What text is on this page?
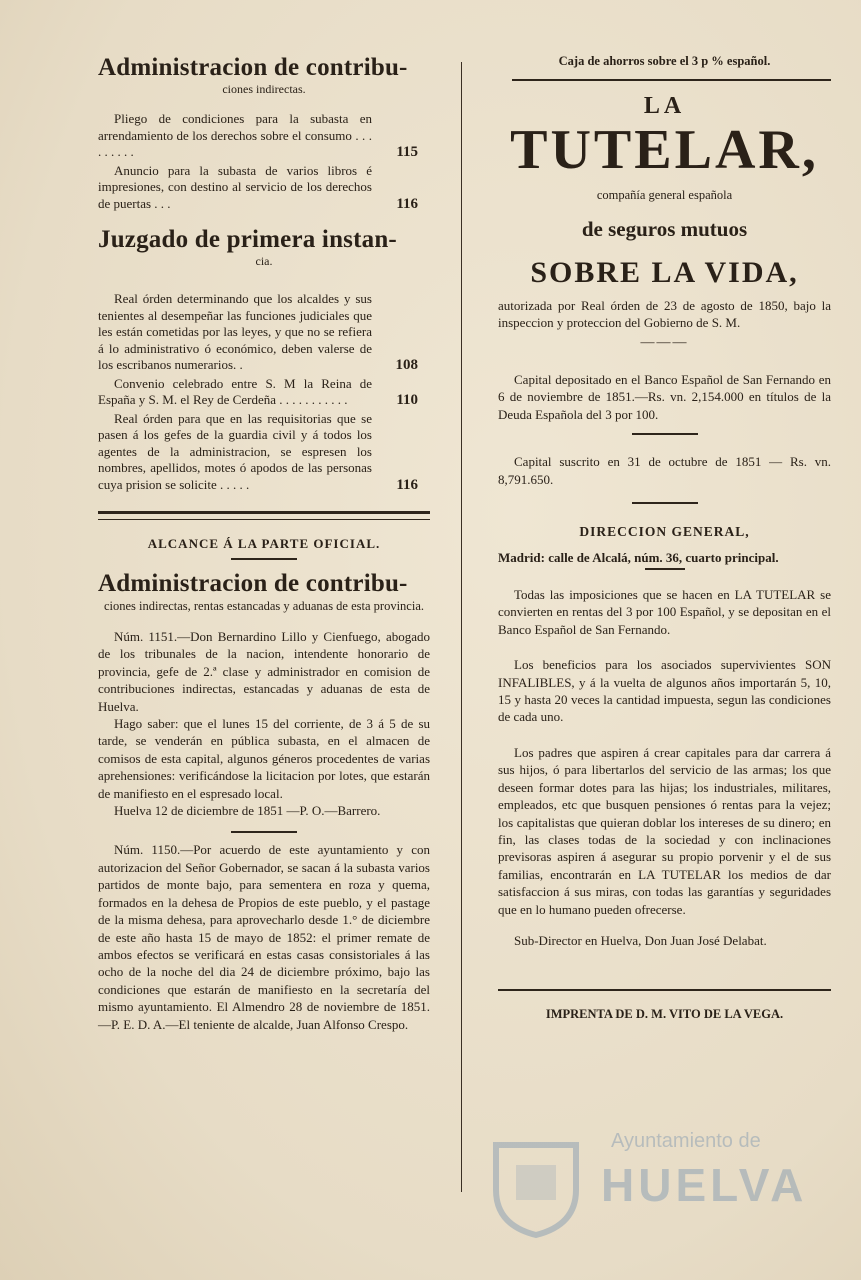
Administracion de contribu-
ciones indirectas.

Pliego de condiciones para la subasta en arrendamiento de los derechos sobre el consumo . . . . . . . . .	115

Anuncio para la subasta de varios libros é impresiones, con destino al servicio de los derechos de puertas . . .	116
Juzgado de primera instan-
cia.

Real órden determinando que los alcaldes y sus tenientes al desempeñar las funciones judiciales que les están cometidas por las leyes, y que no se refiera á lo administrativo ó económico, deben valerse de los escribanos numerarios. .	108

Convenio celebrado entre S. M la Reina de España y S. M. el Rey de Cerdeña . . . . . . . . . . .	110

Real órden para que en las requisitorias que se pasen á los gefes de la guardia civil y á todos los agentes de la administracion, se espresen los nombres, apellidos, motes ó apodos de las personas cuya prision se solicite . . . . .	116
ALCANCE Á LA PARTE OFICIAL.
Administracion de contribu-
ciones indirectas, rentas estancadas y aduanas de esta provincia.

Núm. 1151.—Don Bernardino Lillo y Cienfuego, abogado de los tribunales de la nacion, intendente honorario de provincia, gefe de 2.ª clase y administrador en comision de contribuciones indirectas, estancadas y aduanas de esta de Huelva.

Hago saber: que el lunes 15 del corriente, de 3 á 5 de su tarde, se venderán en pública subasta, en el almacen de comisos de esta capital, algunos géneros procedentes de varias aprehensiones: verificándose la licitacion por lotes, que estarán de manifiesto en el espresado local.

Huelva 12 de diciembre de 1851 —P. O.—Barrero.

Núm. 1150.—Por acuerdo de este ayuntamiento y con autorizacion del Señor Gobernador, se sacan á la subasta varios partidos de monte bajo, para sementera en roza y quema, formados en la dehesa de Propios de este pueblo, y el pastage de la misma dehesa, para aprovecharlo desde 1.° de diciembre de este año hasta 15 de mayo de 1852: el primer remate de ambos efectos se verificará en estas casas consistoriales á las ocho de la noche del dia 24 de diciembre próximo, bajo las condiciones que estarán de manifiesto en la secretaría del mismo ayuntamiento. El Almendro 28 de noviembre de 1851.—P. E. D. A.—El teniente de alcalde, Juan Alfonso Crespo.

Caja de ahorros sobre el 3 p % español.
LA
TUTELAR,
compañía general española
de seguros mutuos
SOBRE LA VIDA,

autorizada por Real órden de 23 de agosto de 1850, bajo la inspeccion y proteccion del Gobierno de S. M.

———

Capital depositado en el Banco Español de San Fernando en 6 de noviembre de 1851.—Rs. vn. 2,154.000 en títulos de la Deuda Española del 3 por 100.

Capital suscrito en 31 de octubre de 1851 — Rs. vn. 8,791.650.

DIRECCION GENERAL,
Madrid: calle de Alcalá, núm. 36, cuarto principal.

Todas las imposiciones que se hacen en LA TUTELAR se convierten en rentas del 3 por 100 Español, y se depositan en el Banco Español de San Fernando.

Los beneficios para los asociados supervivientes SON INFALIBLES, y á la vuelta de algunos años importarán 5, 10, 15 y hasta 20 veces la cantidad impuesta, segun las condiciones de cada uno.

Los padres que aspiren á crear capitales para dar carrera á sus hijos, ó para libertarlos del servicio de las armas; los que deseen formar dotes para las hijas; los industriales, militares, empleados, etc que busquen pensiones ó rentas para la vejez; los capitalistas que quieran doblar los intereses de su dinero; en fin, las clases todas de la sociedad y con inclinaciones previsoras aspiren á asegurar su propio porvenir y el de sus familias, encontrarán en LA TUTELAR los medios de dar satisfaccion á sus miras, con todas las garantías y seguridades que en lo humano pueden ofrecerse.

Sub-Director en Huelva, Don Juan José Delabat.

IMPRENTA DE D. M. VITO DE LA VEGA.
Ayuntamiento de
HUELVA
